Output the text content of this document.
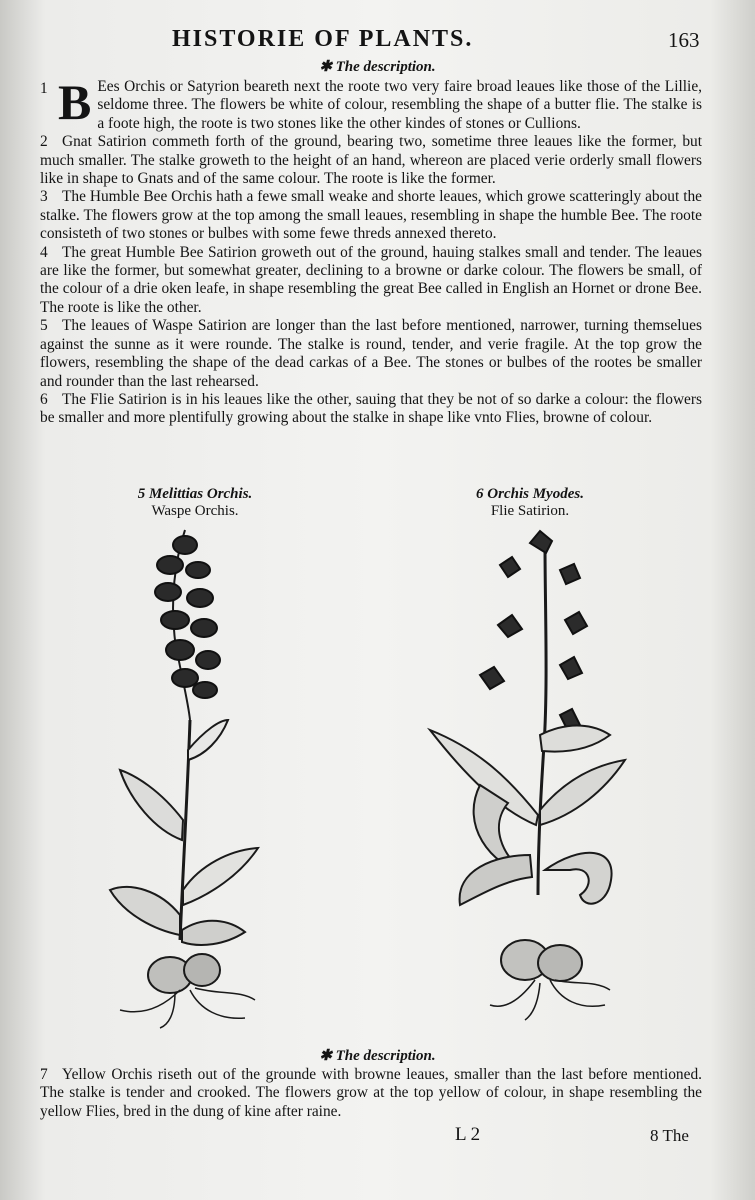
HISTORIE OF PLANTS.	163
✱ The description.

1 B Ees Orchis or Satyrion beareth next the roote two very faire broad leaues like those of the Lillie, seldome three. The flowers be white of colour, resembling the shape of a butter flie. The stalke is a foote high, the roote is two stones like the other kindes of stones or Cullions.

2 Gnat Satirion commeth forth of the ground, bearing two, sometime three leaues like the former, but much smaller. The stalke groweth to the height of an hand, whereon are placed verie orderly small flowers like in shape to Gnats and of the same colour. The roote is like the former.

3 The Humble Bee Orchis hath a fewe small weake and shorte leaues, which growe scatteringly about the stalke. The flowers grow at the top among the small leaues, resembling in shape the humble Bee. The roote consisteth of two stones or bulbes with some fewe threds annexed thereto.

4 The great Humble Bee Satirion groweth out of the ground, hauing stalkes small and tender. The leaues are like the former, but somewhat greater, declining to a browne or darke colour. The flowers be small, of the colour of a drie oken leafe, in shape resembling the great Bee called in English an Hornet or drone Bee. The roote is like the other.

5 The leaues of Waspe Satirion are longer than the last before mentioned, narrower, turning themselues against the sunne as it were rounde. The stalke is round, tender, and verie fragile. At the top grow the flowers, resembling the shape of the dead carkas of a Bee. The stones or bulbes of the rootes be smaller and rounder than the last rehearsed.

6 The Flie Satirion is in his leaues like the other, sauing that they be not of so darke a colour: the flowers be smaller and more plentifully growing about the stalke in shape like vnto Flies, browne of colour.

5 Melittias Orchis.
Waspe Orchis.
6 Orchis Myodes.
Flie Satirion.
✱ The description.

7 Yellow Orchis riseth out of the grounde with browne leaues, smaller than the last before mentioned. The stalke is tender and crooked. The flowers grow at the top yellow of colour, in shape resembling the yellow Flies, bred in the dung of kine after raine.

L 2	8 The
